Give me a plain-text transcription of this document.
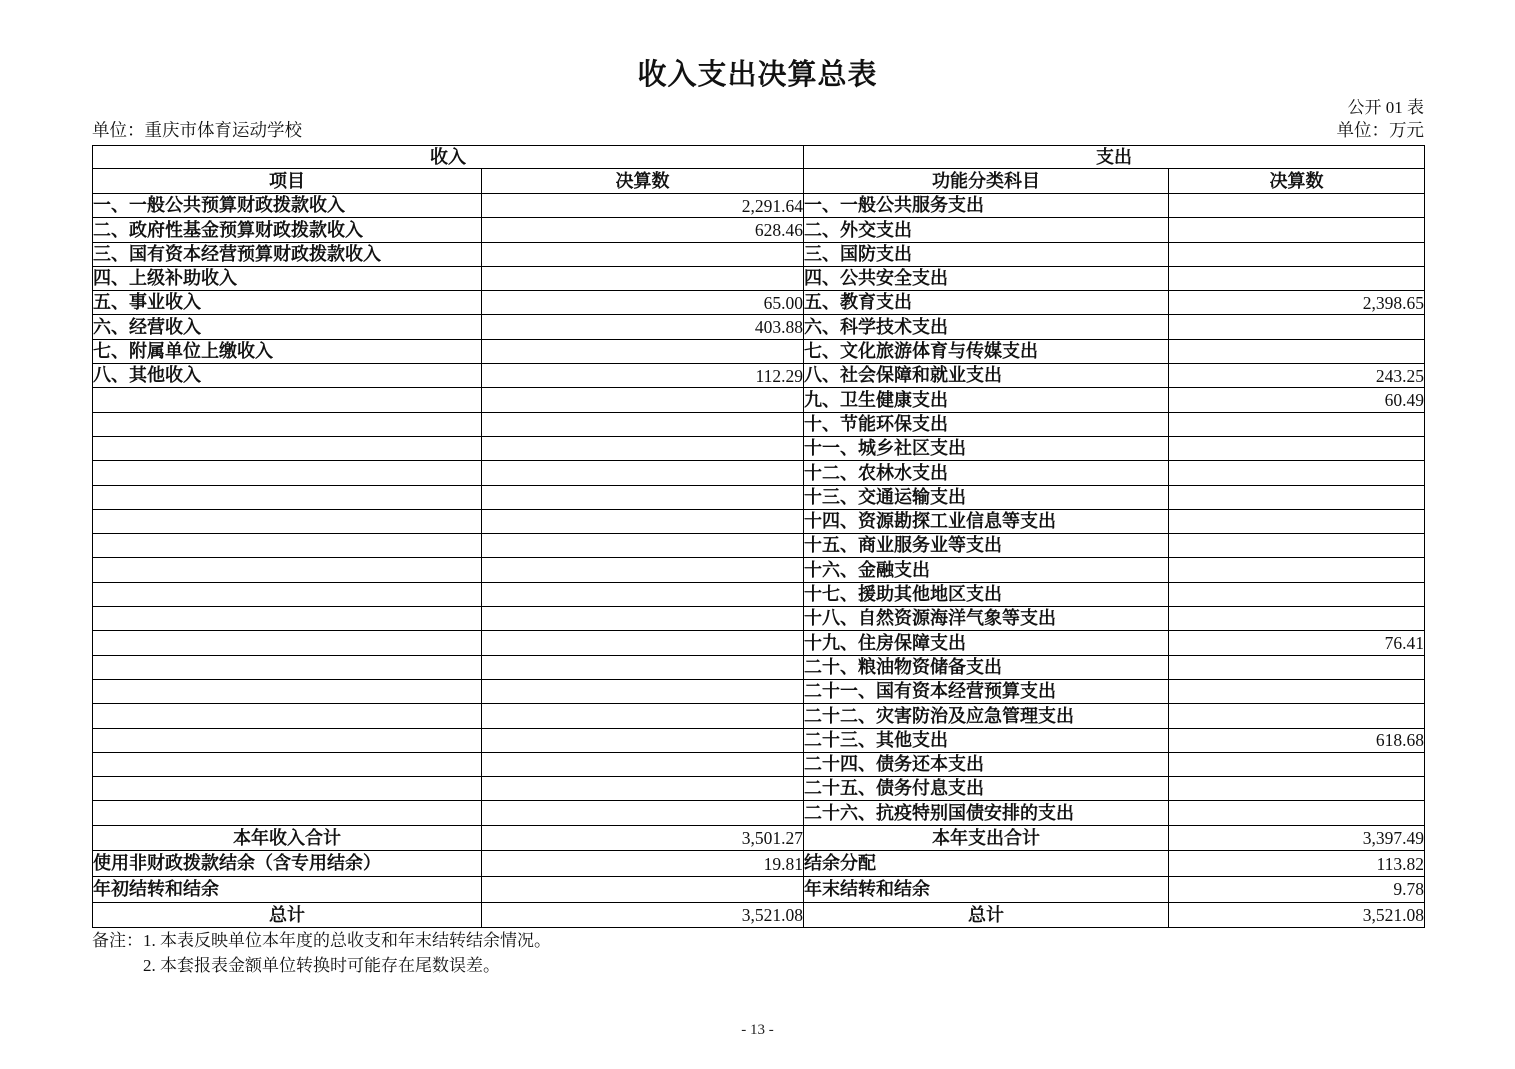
收入支出决算总表
公开 01 表
单位：重庆市体育运动学校	单位：万元
收入		支出	
项目	决算数	功能分类科目	决算数
一、一般公共预算财政拨款收入	2,291.64	一、一般公共服务支出	
二、政府性基金预算财政拨款收入	628.46	二、外交支出	
三、国有资本经营预算财政拨款收入		三、国防支出	
四、上级补助收入		四、公共安全支出	
五、事业收入	65.00	五、教育支出	2,398.65
六、经营收入	403.88	六、科学技术支出	
七、附属单位上缴收入		七、文化旅游体育与传媒支出	
八、其他收入	112.29	八、社会保障和就业支出	243.25
		九、卫生健康支出	60.49
		十、节能环保支出	
		十一、城乡社区支出	
		十二、农林水支出	
		十三、交通运输支出	
		十四、资源勘探工业信息等支出	
		十五、商业服务业等支出	
		十六、金融支出	
		十七、援助其他地区支出	
		十八、自然资源海洋气象等支出	
		十九、住房保障支出	76.41
		二十、粮油物资储备支出	
		二十一、国有资本经营预算支出	
		二十二、灾害防治及应急管理支出	
		二十三、其他支出	618.68
		二十四、债务还本支出	
		二十五、债务付息支出	
		二十六、抗疫特别国债安排的支出	
本年收入合计	3,501.27	本年支出合计	3,397.49
使用非财政拨款结余（含专用结余）	19.81	结余分配	113.82
年初结转和结余		年末结转和结余	9.78
总计	3,521.08	总计	3,521.08
备注： 1. 本表反映单位本年度的总收支和年末结转结余情况。
2. 本套报表金额单位转换时可能存在尾数误差。
- 13 -
